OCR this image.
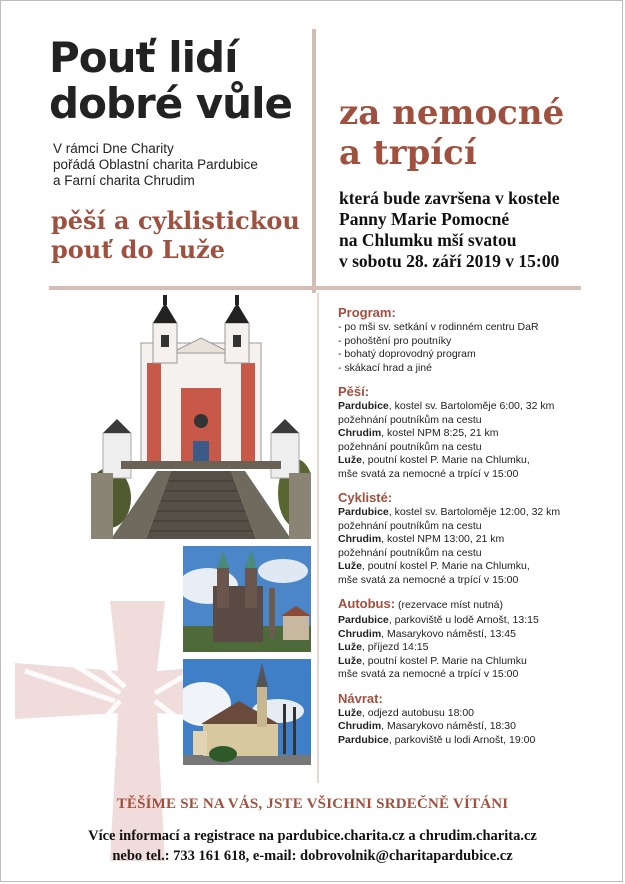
Pouť lidí
dobré vůle
V rámci Dne Charity
pořádá Oblastní charita Pardubice
a Farní charita Chrudim
pěší a cyklistickou
pouť do Luže
za nemocné
a trpící
která bude završena v kostele
Panny Marie Pomocné
na Chlumku mší svatou
v sobotu 28. září 2019 v 15:00
Program:
- po mši sv. setkání v rodinném centru DaR
- pohoštění pro poutníky
- bohatý doprovodný program
- skákací hrad a jiné
Pěší:
Pardubice, kostel sv. Bartoloměje 6:00, 32 km
požehnání poutníkům na cestu
Chrudim, kostel NPM 8:25, 21 km
požehnání poutníkům na cestu
Luže, poutní kostel P. Marie na Chlumku,
mše svatá za nemocné a trpící v 15:00
Cyklisté:
Pardubice, kostel sv. Bartoloměje 12:00, 32 km
požehnání poutníkům na cestu
Chrudim, kostel NPM 13:00, 21 km
požehnání poutníkům na cestu
Luže, poutní kostel P. Marie na Chlumku,
mše svatá za nemocné a trpící v 15:00
Autobus: (rezervace míst nutná)
Pardubice, parkoviště u lodě Arnošt, 13:15
Chrudim, Masarykovo náměstí, 13:45
Luže, příjezd 14:15
Luže, poutní kostel P. Marie na Chlumku
mše svatá za nemocné a trpící v 15:00
Návrat:
Luže, odjezd autobusu 18:00
Chrudim, Masarykovo náměstí, 18:30
Pardubice, parkoviště u lodi Arnošt, 19:00
TĚŠÍME SE NA VÁS, JSTE VŠICHNI SRDEČNĚ VÍTÁNI
Více informací a registrace na pardubice.charita.cz a chrudim.charita.cz
nebo tel.: 733 161 618, e-mail: dobrovolnik@charitapardubice.cz
